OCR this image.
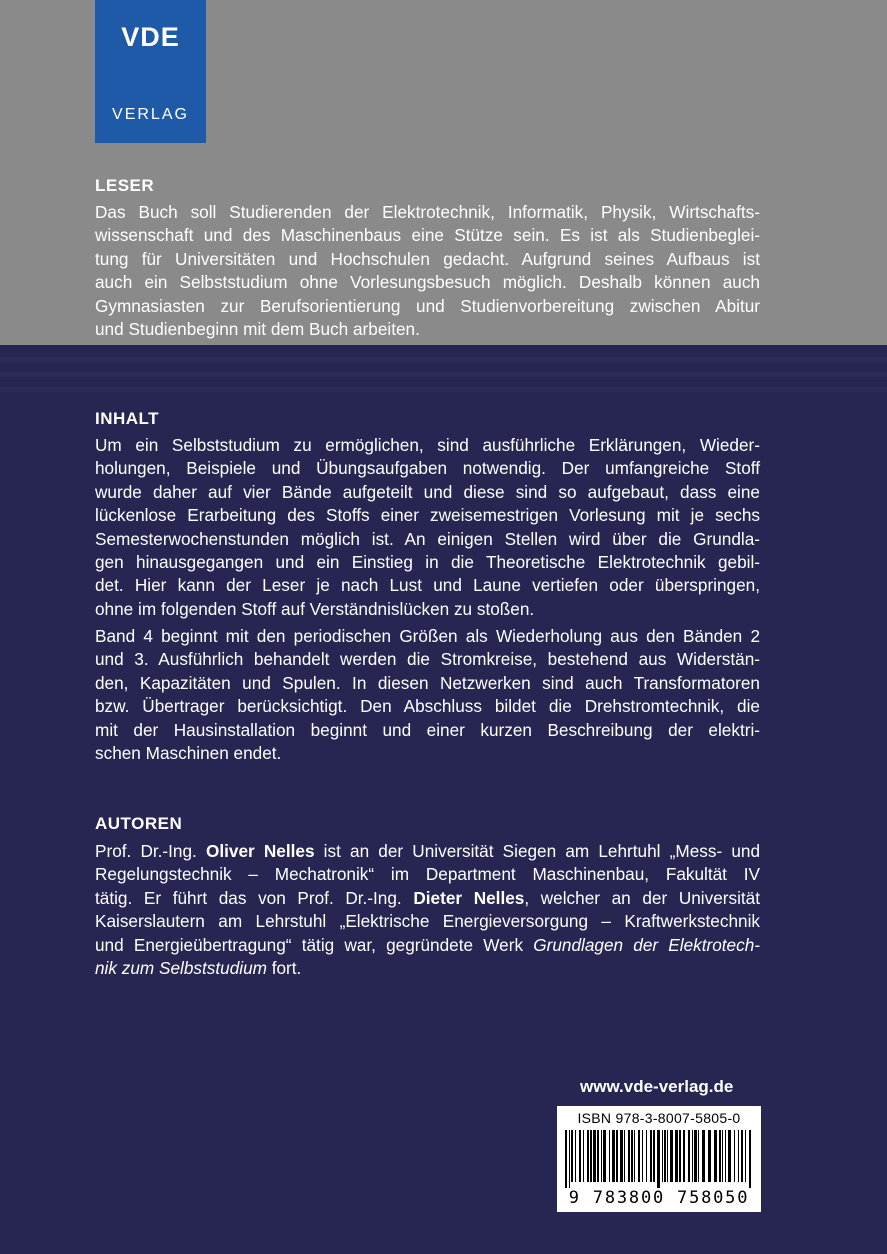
VDE
VERLAG
LESER
Das Buch soll Studierenden der Elektrotechnik, Informatik, Physik, Wirtschafts-
wissenschaft und des Maschinenbaus eine Stütze sein. Es ist als Studienbeglei-
tung für Universitäten und Hochschulen gedacht. Aufgrund seines Aufbaus ist
auch ein Selbststudium ohne Vorlesungsbesuch möglich. Deshalb können auch
Gymnasiasten zur Berufsorientierung und Studienvorbereitung zwischen Abitur
und Studienbeginn mit dem Buch arbeiten.
INHALT
Um ein Selbststudium zu ermöglichen, sind ausführliche Erklärungen, Wieder-
holungen, Beispiele und Übungsaufgaben notwendig. Der umfangreiche Stoff
wurde daher auf vier Bände aufgeteilt und diese sind so aufgebaut, dass eine
lückenlose Erarbeitung des Stoffs einer zweisemestrigen Vorlesung mit je sechs
Semesterwochenstunden möglich ist. An einigen Stellen wird über die Grundla-
gen hinausgegangen und ein Einstieg in die Theoretische Elektrotechnik gebil-
det. Hier kann der Leser je nach Lust und Laune vertiefen oder überspringen,
ohne im folgenden Stoff auf Verständnislücken zu stoßen.
Band 4 beginnt mit den periodischen Größen als Wiederholung aus den Bänden 2
und 3. Ausführlich behandelt werden die Stromkreise, bestehend aus Widerstän-
den, Kapazitäten und Spulen. In diesen Netzwerken sind auch Transformatoren
bzw. Übertrager berücksichtigt. Den Abschluss bildet die Drehstromtechnik, die
mit der Hausinstallation beginnt und einer kurzen Beschreibung der elektri-
schen Maschinen endet.
AUTOREN
Prof. Dr.-Ing. Oliver Nelles ist an der Universität Siegen am Lehrtuhl „Mess- und
Regelungstechnik – Mechatronik“ im Department Maschinenbau, Fakultät IV
tätig. Er führt das von Prof. Dr.-Ing. Dieter Nelles, welcher an der Universität
Kaiserslautern am Lehrstuhl „Elektrische Energieversorgung – Kraftwerkstechnik
und Energieübertragung“ tätig war, gegründete Werk Grundlagen der Elektrotech-
nik zum Selbststudium fort.
www.vde-verlag.de
ISBN 978-3-8007-5805-0
9 783800 758050
